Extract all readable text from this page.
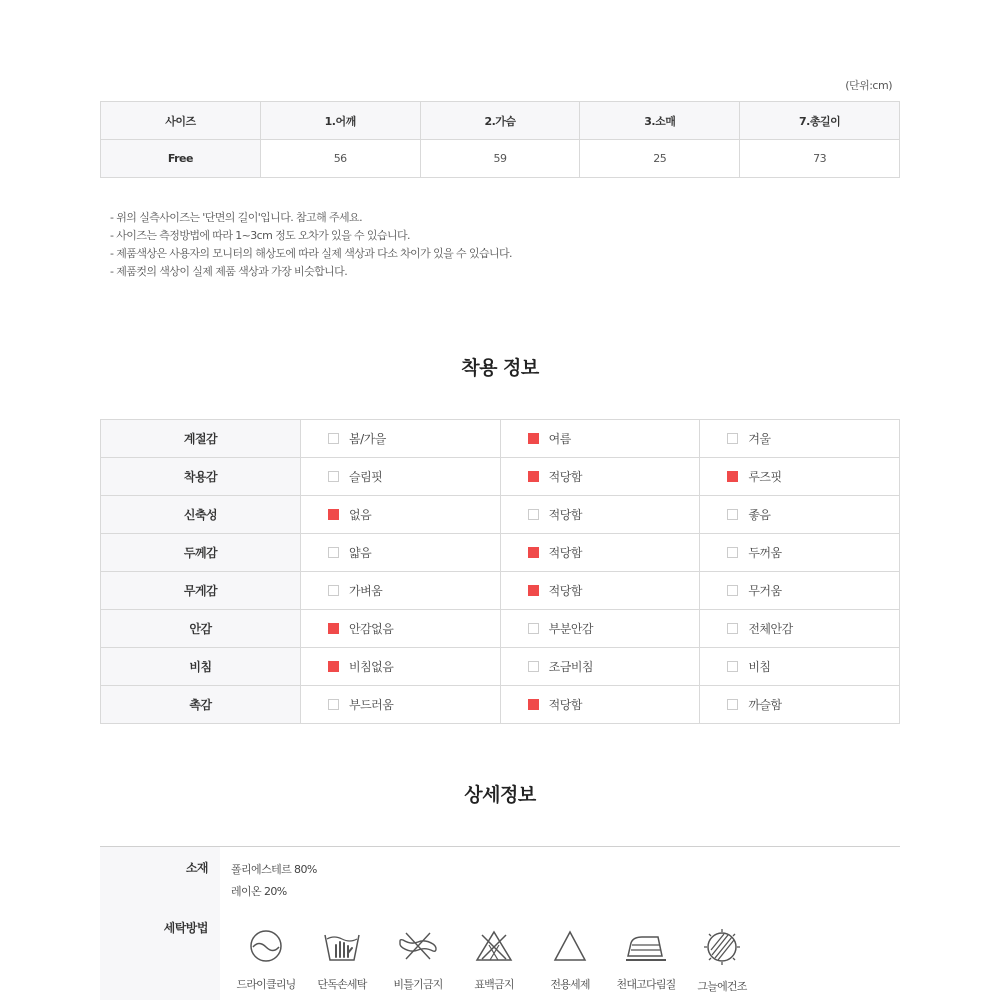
(단위:cm)
사이즈	1.어깨	2.가슴	3.소매	7.총길이
Free	56	59	25	73
- 위의 실측사이즈는 '단면의 길이'입니다. 참고해 주세요.
- 사이즈는 측정방법에 따라 1~3cm 정도 오차가 있을 수 있습니다.
- 제품색상은 사용자의 모니터의 해상도에 따라 실제 색상과 다소 차이가 있을 수 있습니다.
- 제품컷의 색상이 실제 제품 색상과 가장 비슷합니다.
착용 정보
계절감	봄/가을	여름	겨울
착용감	슬림핏	적당함	루즈핏
신축성	없음	적당함	좋음
두께감	얇음	적당함	두꺼움
무게감	가벼움	적당함	무거움
안감	안감없음	부분안감	전체안감
비침	비침없음	조금비침	비침
촉감	부드러움	적당함	까슬함
상세정보
소재 폴리에스테르 80%
레이온 20%
세탁방법
드라이클리닝	단독손세탁	비틀기금지	표백금지	전용세제	천대고다림질	그늘에건조
